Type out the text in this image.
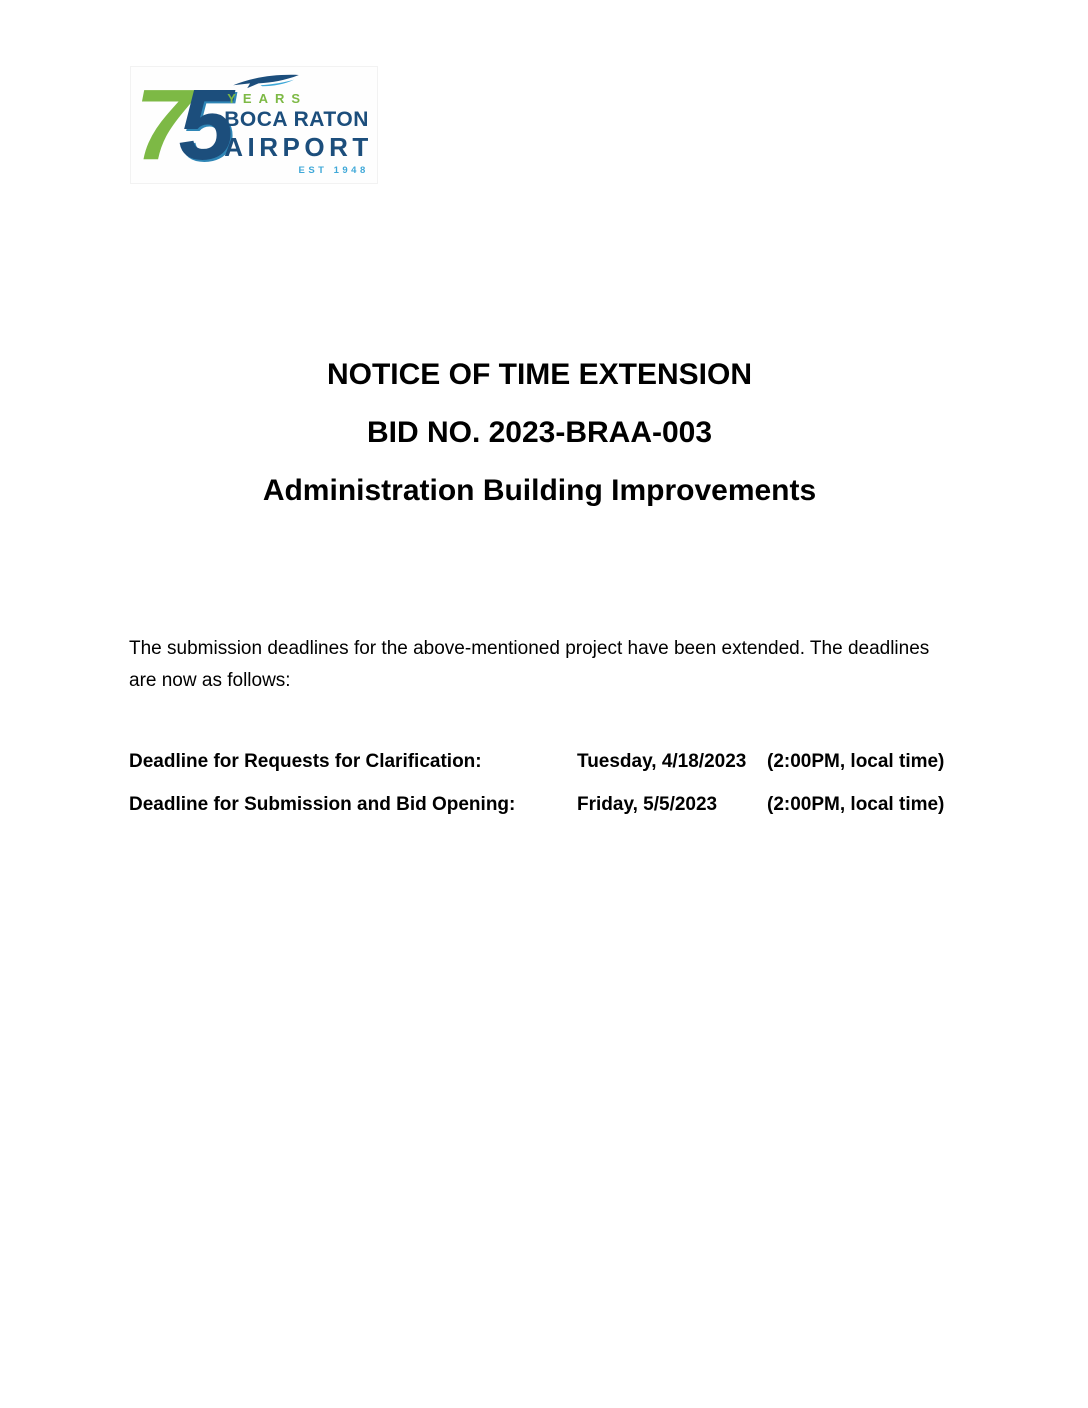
7
5 YEARS
BOCA RATON
AIRPORT
EST 1948
NOTICE OF TIME EXTENSION
BID NO. 2023-BRAA-003
Administration Building Improvements

The submission deadlines for the above-mentioned project have been extended. The deadlines are now as follows:

Deadline for Requests for Clarification:	Tuesday, 4/18/2023	(2:00PM, local time)
Deadline for Submission and Bid Opening:	Friday, 5/5/2023	(2:00PM, local time)
